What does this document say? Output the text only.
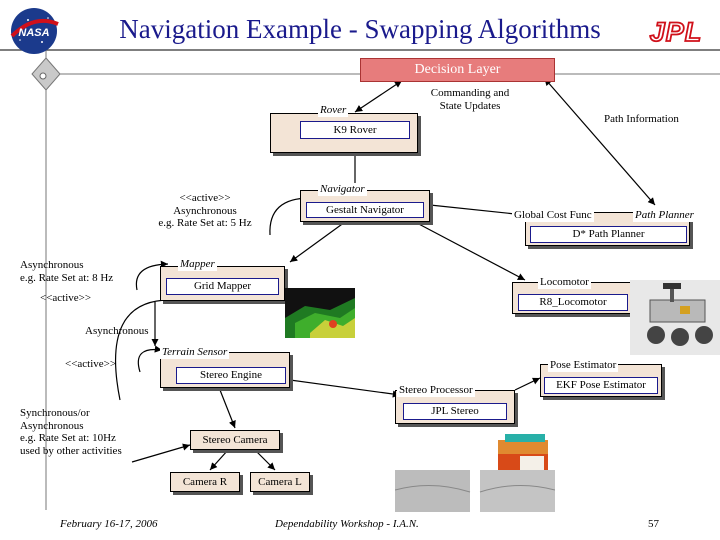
NASA	Navigation Example - Swapping Algorithms	JPL
Decision Layer
Rover
K9 Rover
Commanding and State Updates
Path Information
Navigator
Gestalt Navigator
<<active>>
Asynchronous
e.g. Rate Set at: 5 Hz
Global Cost Func	Path Planner
D* Path Planner
Mapper
Grid Mapper
Asynchronous
e.g. Rate Set at: 8 Hz
<<active>>
Locomotor
R8_Locomotor
Asynchronous
Terrain Sensor
Stereo Engine
<<active>>	Pose Estimator
EKF Pose Estimator
Stereo Processor
JPL Stereo
Stereo Camera
Camera R	Camera L
Synchronous/or
Asynchronous
e.g. Rate Set at: 10Hz
used by other activities
February 16-17, 2006	Dependability Workshop - I.A.N.	57
